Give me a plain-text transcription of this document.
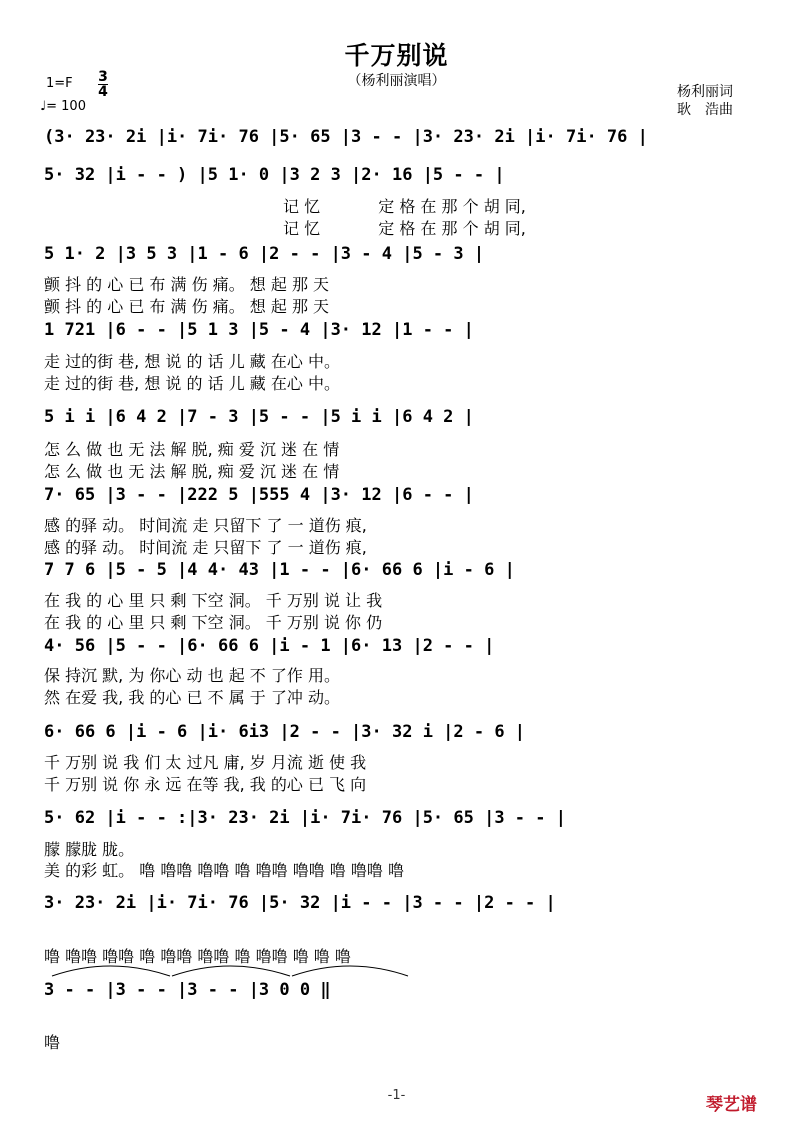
千万别说
（杨利丽演唱）
1=F 3
4
♩= 100
杨利丽词
耿　浩曲
(3· 23· 2i |i· 7i· 76 |5· 65 |3 - - |3· 23· 2i |i· 7i· 76 |
5· 32 |i - - ) |5 1· 0 |3 2 3 |2· 16 |5 - - |
记 忆 　　　 定 格 在 那 个 胡 同,
记 忆 　　　 定 格 在 那 个 胡 同,
5 1· 2 |3 5 3 |1 - 6 |2 - - |3 - 4 |5 - 3 |
颤 抖 的 心 已 布 满 伤 痛。 想 起 那 天
颤 抖 的 心 已 布 满 伤 痛。 想 起 那 天
1 721 |6 - - |5 1 3 |5 - 4 |3· 12 |1 - - |
走 过的街 巷, 想 说 的 话 儿 藏 在心 中。
走 过的街 巷, 想 说 的 话 儿 藏 在心 中。
5 i i |6 4 2 |7 - 3 |5 - - |5 i i |6 4 2 |
怎 么 做 也 无 法 解 脱, 痴 爱 沉 迷 在 情
怎 么 做 也 无 法 解 脱, 痴 爱 沉 迷 在 情
7· 65 |3 - - |222 5 |555 4 |3· 12 |6 - - |
感 的驿 动。 时间流 走 只留下 了 一 道伤 痕,
感 的驿 动。 时间流 走 只留下 了 一 道伤 痕,
7 7 6 |5 - 5 |4 4· 43 |1 - - |6· 66 6 |i - 6 |
在 我 的 心 里 只 剩 下空 洞。 千 万别 说 让 我
在 我 的 心 里 只 剩 下空 洞。 千 万别 说 你 仍
4· 56 |5 - - |6· 66 6 |i - 1 |6· 13 |2 - - |
保 持沉 默, 为 你心 动 也 起 不 了作 用。
然 在爱 我, 我 的心 已 不 属 于 了冲 动。
6· 66 6 |i - 6 |i· 6i3 |2 - - |3· 32 i |2 - 6 |
千 万别 说 我 们 太 过凡 庸, 岁 月流 逝 使 我
千 万别 说 你 永 远 在等 我, 我 的心 已 飞 向
5· 62 |i - - :|3· 23· 2i |i· 7i· 76 |5· 65 |3 - - |
朦 朦胧 胧。
美 的彩 虹。 噜 噜噜 噜噜 噜 噜噜 噜噜 噜 噜噜 噜
3· 23· 2i |i· 7i· 76 |5· 32 |i - - |3 - - |2 - - |
噜 噜噜 噜噜 噜 噜噜 噜噜 噜 噜噜 噜 噜 噜
3 - - |3 - - |3 - - |3 0 0 ‖
噜
-1-	琴艺谱
